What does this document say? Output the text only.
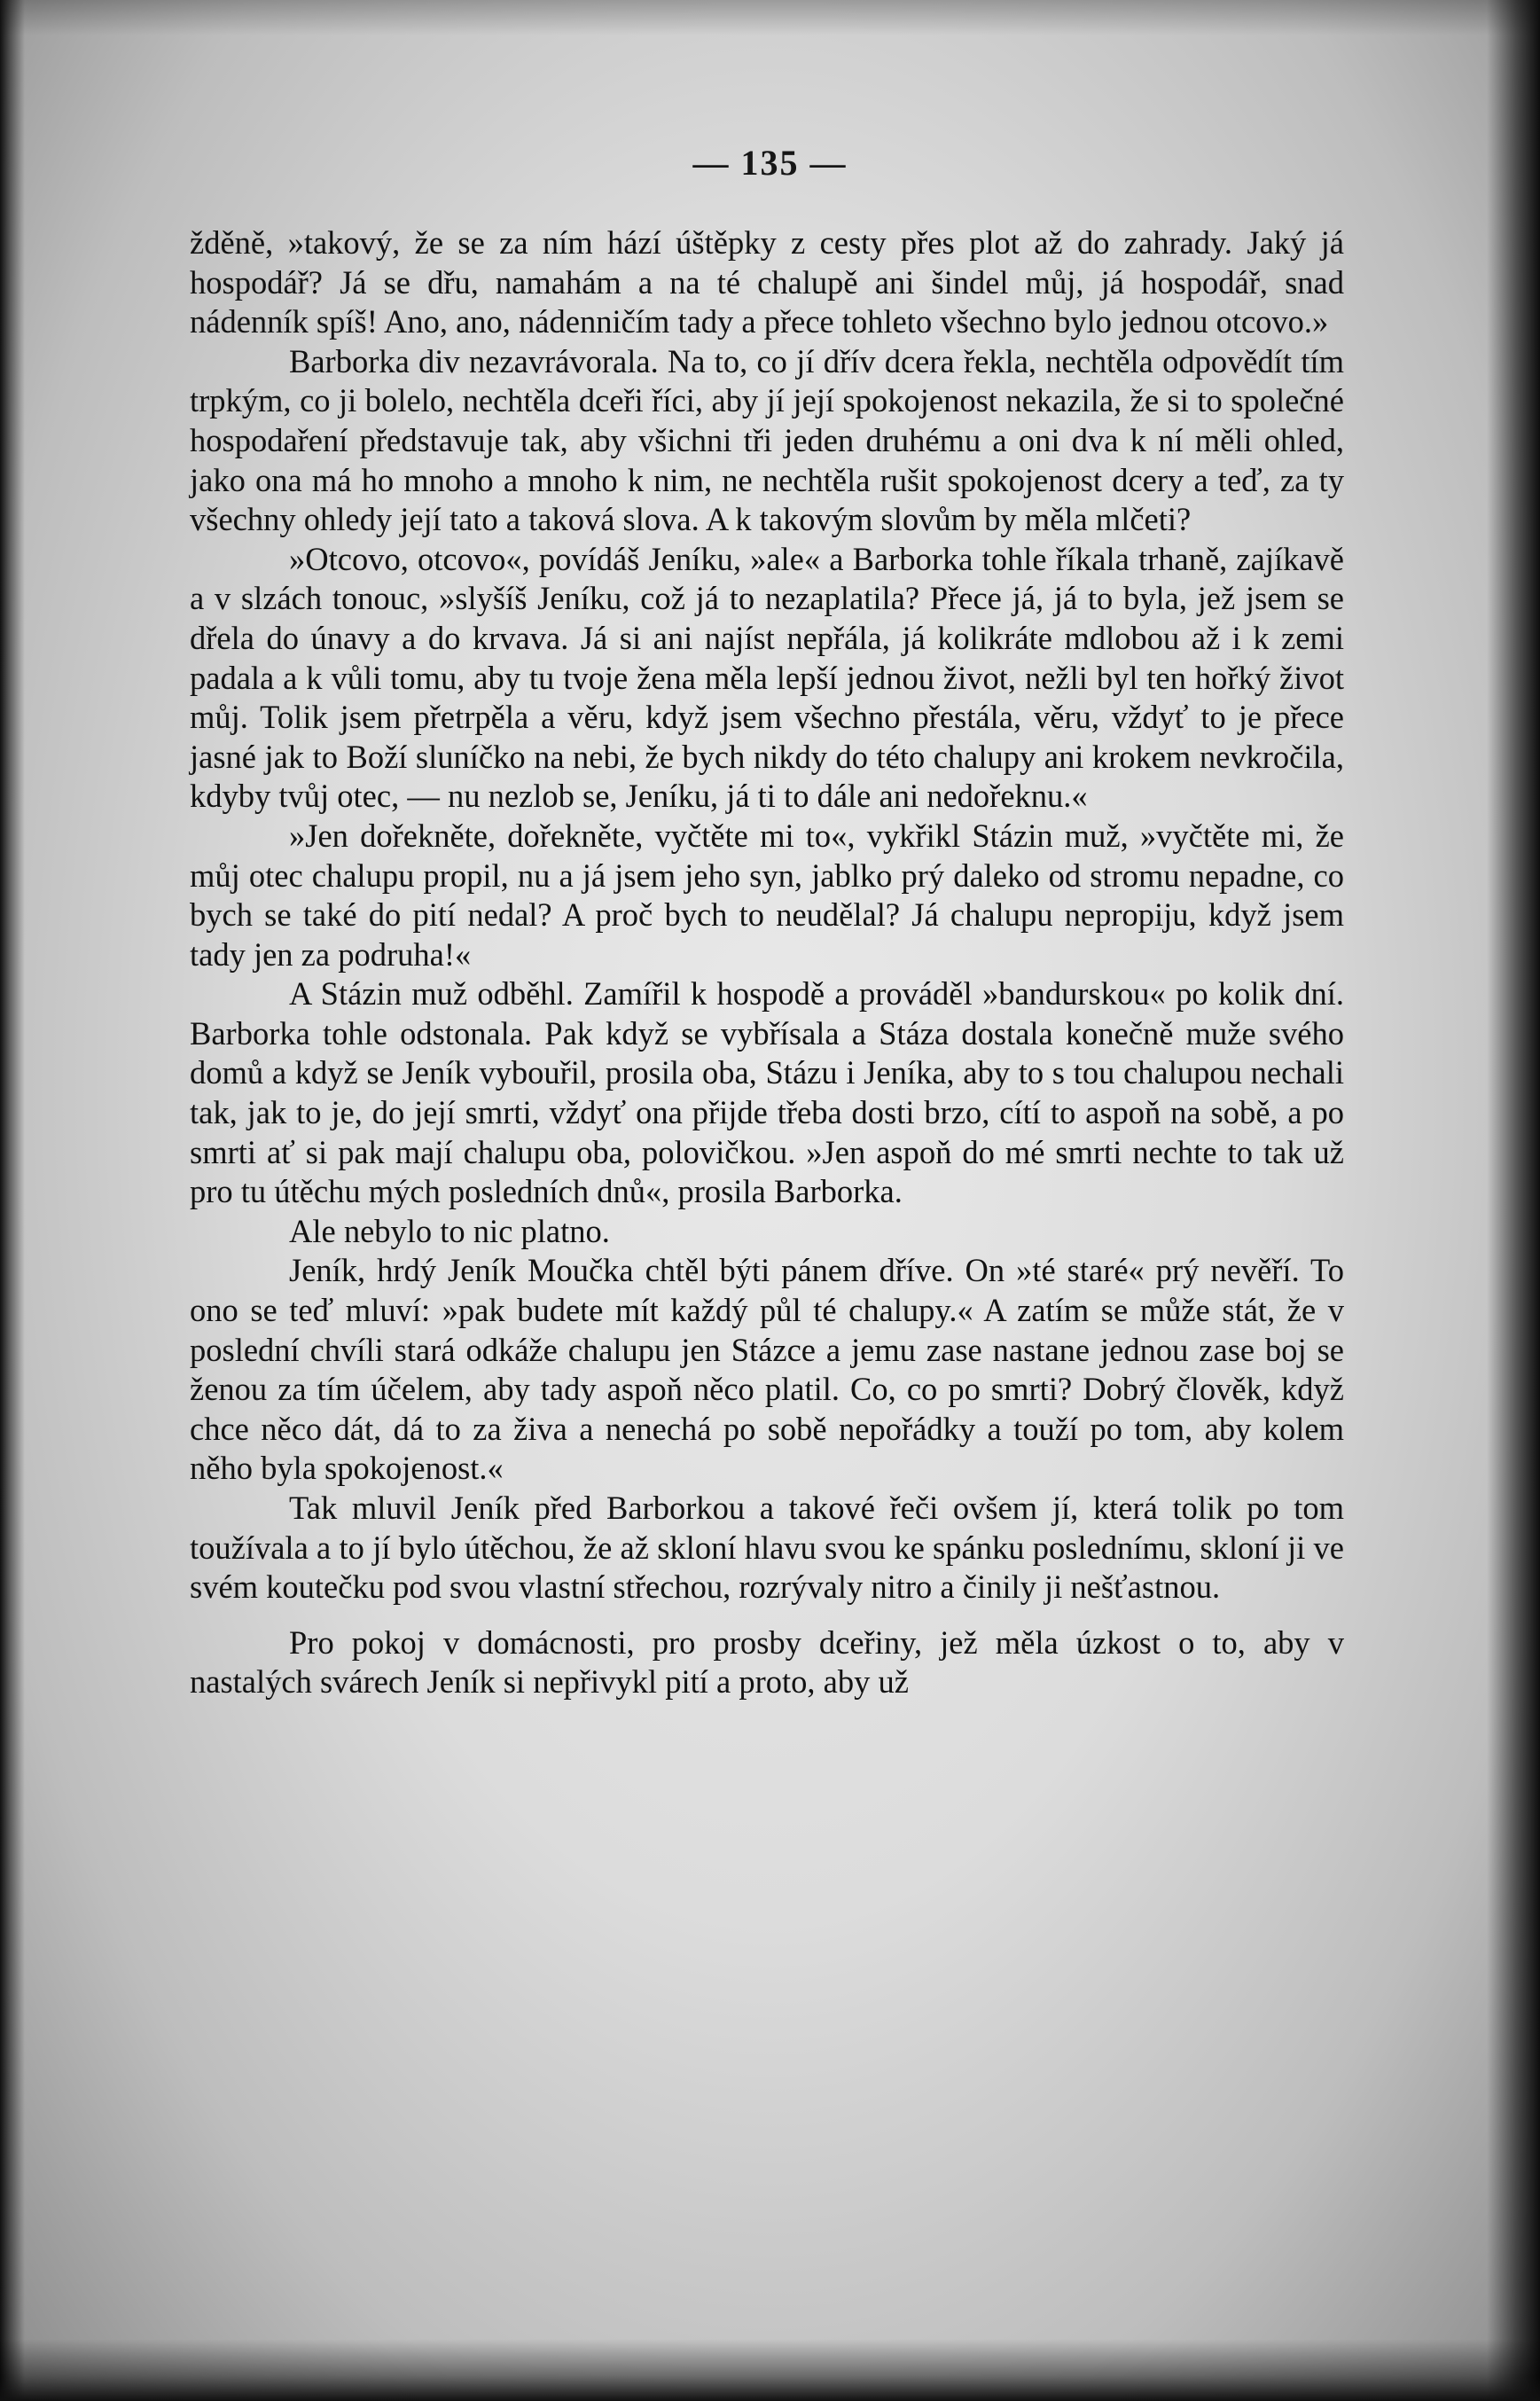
— 135 —

žděně, »takový, že se za ním hází úštěpky z cesty přes plot až do zahrady. Jaký já hospodář? Já se dřu, namahám a na té chalupě ani šindel můj, já hospodář, snad nádenník spíš! Ano, ano, nádenničím tady a přece tohleto všechno bylo jednou otcovo.»

Barborka div nezavrávorala. Na to, co jí dřív dcera řekla, nechtěla odpovědít tím trpkým, co ji bolelo, nechtěla dceři říci, aby jí její spokojenost nekazila, že si to společné hospodaření představuje tak, aby všichni tři jeden druhému a oni dva k ní měli ohled, jako ona má ho mnoho a mnoho k nim, ne nechtěla rušit spokojenost dcery a teď, za ty všechny ohledy její tato a taková slova. A k takovým slovům by měla mlčeti?

»Otcovo, otcovo«, povídáš Jeníku, »ale« a Barborka tohle říkala trhaně, zajíkavě a v slzách tonouc, »slyšíš Jeníku, což já to nezaplatila? Přece já, já to byla, jež jsem se dřela do únavy a do krvava. Já si ani najíst nepřála, já kolikráte mdlobou až i k zemi padala a k vůli tomu, aby tu tvoje žena měla lepší jednou život, nežli byl ten hořký život můj. Tolik jsem přetrpěla a věru, když jsem všechno přestála, věru, vždyť to je přece jasné jak to Boží sluníčko na nebi, že bych nikdy do této chalupy ani krokem nevkročila, kdyby tvůj otec, — nu nezlob se, Jeníku, já ti to dále ani nedořeknu.«

»Jen dořekněte, dořekněte, vyčtěte mi to«, vykřikl Stázin muž, »vyčtěte mi, že můj otec chalupu propil, nu a já jsem jeho syn, jablko prý daleko od stromu nepadne, co bych se také do pití nedal? A proč bych to neudělal? Já chalupu nepropiju, když jsem tady jen za podruha!«

A Stázin muž odběhl. Zamířil k hospodě a prováděl »bandurskou« po kolik dní. Barborka tohle odstonala. Pak když se vybřísala a Stáza dostala konečně muže svého domů a když se Jeník vybouřil, prosila oba, Stázu i Jeníka, aby to s tou chalupou nechali tak, jak to je, do její smrti, vždyť ona přijde třeba dosti brzo, cítí to aspoň na sobě, a po smrti ať si pak mají chalupu oba, polovičkou. »Jen aspoň do mé smrti nechte to tak už pro tu útěchu mých posledních dnů«, prosila Barborka.

Ale nebylo to nic platno.

Jeník, hrdý Jeník Moučka chtěl býti pánem dříve. On »té staré« prý nevěří. To ono se teď mluví: »pak budete mít každý půl té chalupy.« A zatím se může stát, že v poslední chvíli stará odkáže chalupu jen Stázce a jemu zase nastane jednou zase boj se ženou za tím účelem, aby tady aspoň něco platil. Co, co po smrti? Dobrý člověk, když chce něco dát, dá to za živa a nenechá po sobě nepořádky a touží po tom, aby kolem něho byla spokojenost.«

Tak mluvil Jeník před Barborkou a takové řeči ovšem jí, která tolik po tom toužívala a to jí bylo útěchou, že až skloní hlavu svou ke spánku poslednímu, skloní ji ve svém koutečku pod svou vlastní střechou, rozrývaly nitro a činily ji nešťastnou.

Pro pokoj v domácnosti, pro prosby dceřiny, jež měla úzkost o to, aby v nastalých svárech Jeník si nepřivykl pití a proto, aby už
